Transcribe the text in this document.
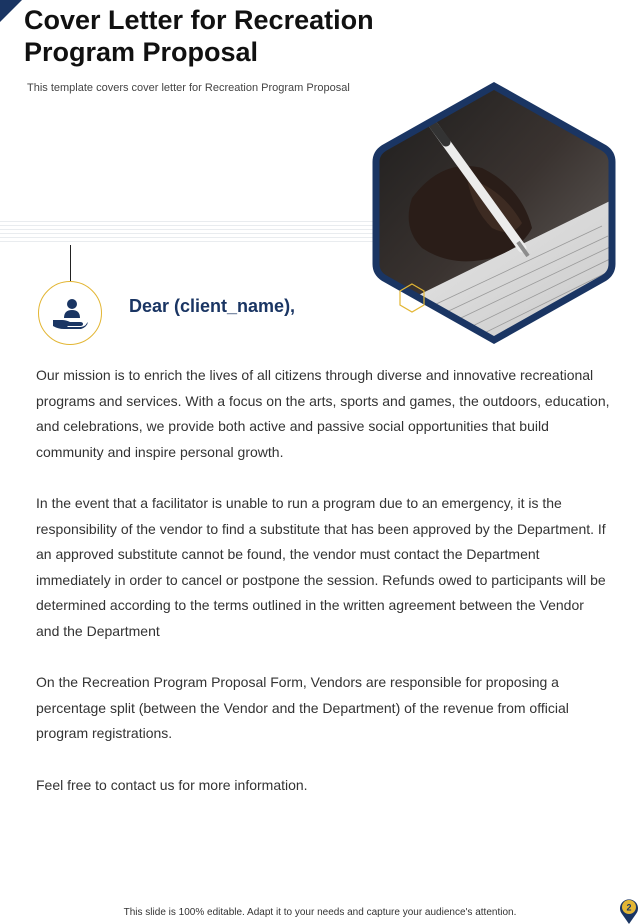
Cover Letter for Recreation Program Proposal
This template covers cover letter for Recreation Program Proposal
Dear (client_name),

Our mission is to enrich the lives of all citizens through diverse and innovative recreational programs and services. With a focus on the arts, sports and games, the outdoors, education, and celebrations, we provide both active and passive social opportunities that build community and inspire personal growth.

In the event that a facilitator is unable to run a program due to an emergency, it is the responsibility of the vendor to find a substitute that has been approved by the Department. If an approved substitute cannot be found, the vendor must contact the Department immediately in order to cancel or postpone the session. Refunds owed to participants will be determined according to the terms outlined in the written agreement between the Vendor and the Department

On the Recreation Program Proposal Form, Vendors are responsible for proposing a percentage split (between the Vendor and the Department) of the revenue from official program registrations.

Feel free to contact us for more information.

This slide is 100% editable. Adapt it to your needs and capture your audience's attention.	2
